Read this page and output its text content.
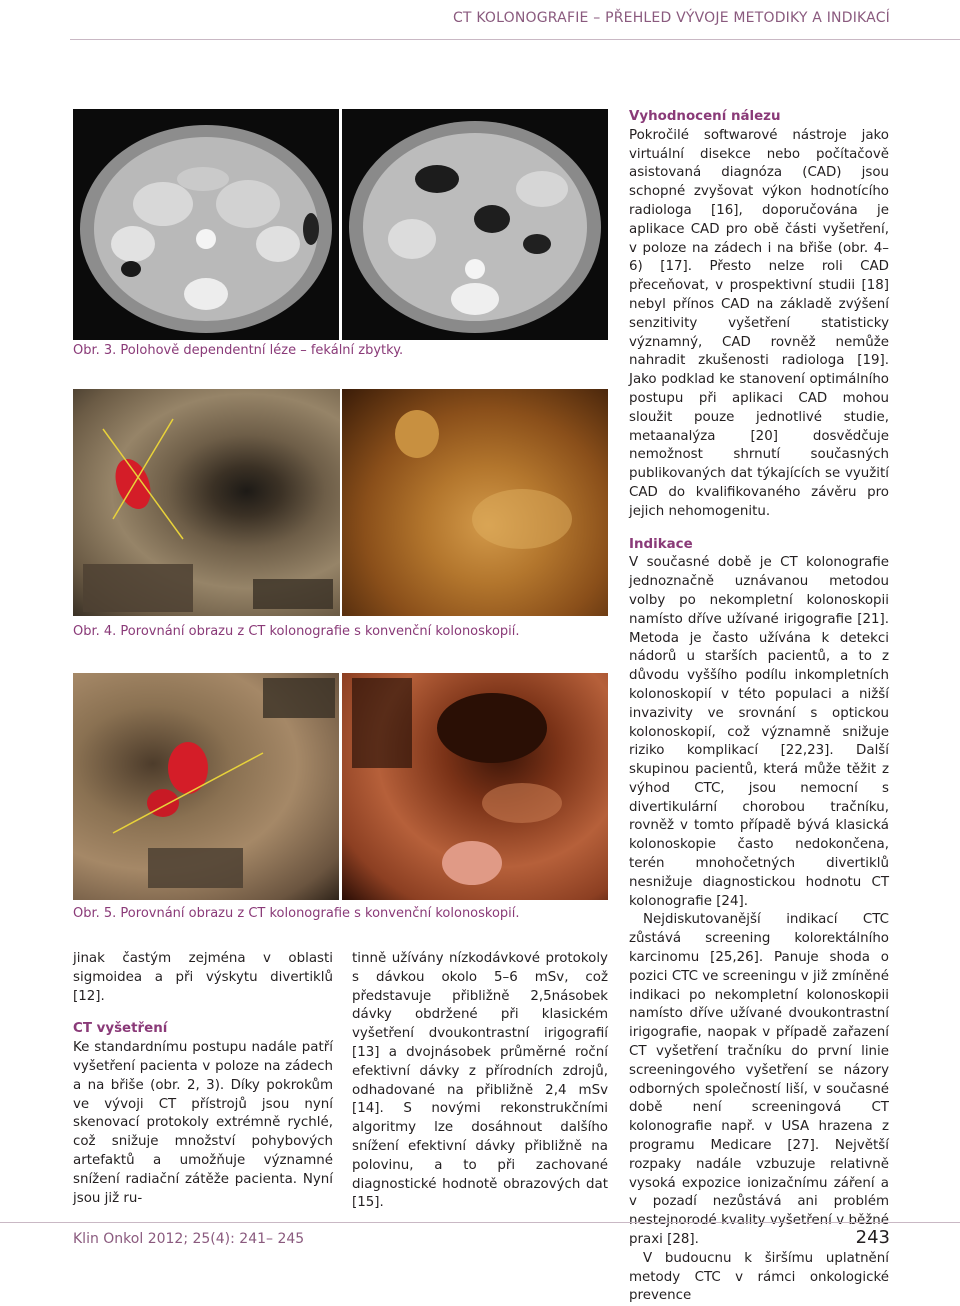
CT KOLONOGRAFIE – PŘEHLED VÝVOJE METODIKY A INDIKACÍ
Obr. 3. Polohově dependentní léze – fekální zbytky.
Obr. 4. Porovnání obrazu z CT kolonografie s konvenční kolonoskopií.
Obr. 5. Porovnání obrazu z CT kolonografie s konvenční kolonoskopií.

jinak častým zejména v oblasti sigmoidea a při výskytu divertiklů [12].

CT vyšetření

Ke standardnímu postupu nadále patří vyšetření pacienta v poloze na zádech a na břiše (obr. 2, 3). Díky pokrokům ve vývoji CT přístrojů jsou nyní skenovací protokoly extrémně rychlé, což snižuje množství pohybových artefaktů a umožňuje významné snížení radiační zátěže pacienta. Nyní jsou již ru-

tinně užívány nízkodávkové protokoly s dávkou okolo 5–6 mSv, což představuje přibližně 2,5násobek dávky obdržené při klasickém vyšetření dvoukontrastní irigografií [13] a dvojnásobek průměrné roční efektivní dávky z přírodních zdrojů, odhadované na přibližně 2,4 mSv [14]. S novými rekonstrukčními algoritmy lze dosáhnout dalšího snížení efektivní dávky přibližně na polovinu, a to při zachované diagnostické hodnotě obrazových dat [15].

Vyhodnocení nálezu

Pokročilé softwarové nástroje jako virtuální disekce nebo počítačově asistovaná diagnóza (CAD) jsou schopné zvyšovat výkon hodnotícího radiologa [16], doporučována je aplikace CAD pro obě části vyšetření, v poloze na zádech i na břiše (obr. 4–6) [17]. Přesto nelze roli CAD přeceňovat, v prospektivní studii [18] nebyl přínos CAD na základě zvýšení senzitivity vyšetření statisticky významný, CAD rovněž nemůže nahradit zkušenosti radiologa [19]. Jako podklad ke stanovení optimálního postupu při aplikaci CAD mohou sloužit pouze jednotlivé studie, metaanalýza [20] dosvědčuje nemožnost shrnutí současných publikovaných dat týkajících se využití CAD do kvalifikovaného závěru pro jejich nehomogenitu.

Indikace

V současné době je CT kolonografie jednoznačně uznávanou metodou volby po nekompletní kolonoskopii namísto dříve užívané irigografie [21]. Metoda je často užívána k detekci nádorů u starších pacientů, a to z důvodu vyššího podílu inkompletních kolonoskopií v této populaci a nižší invazivity ve srovnání s optickou kolonoskopií, což významně snižuje riziko komplikací [22,23]. Další skupinou pacientů, která může těžit z výhod CTC, jsou nemocní s divertikulární chorobou tračníku, rovněž v tomto případě bývá klasická kolonoskopie často nedokončena, terén mnohočetných divertiklů nesnižuje diagnostickou hodnotu CT kolonografie [24].

Nejdiskutovanější indikací CTC zůstává screening kolorektálního karcinomu [25,26]. Panuje shoda o pozici CTC ve screeningu v již zmíněné indikaci po nekompletní kolonoskopii namísto dříve užívané dvoukontrastní irigografie, naopak v případě zařazení CT vyšetření tračníku do první linie screeningového vyšetření se názory odborných společností liší, v současné době není screeningová CT kolonografie např. v USA hrazena z programu Medicare [27]. Největší rozpaky nadále vzbuzuje relativně vysoká expozice ionizačnímu záření a v pozadí nezůstává ani problém nestejnorodé kvality vyšetření v běžné praxi [28].

V budoucnu k širšímu uplatnění metody CTC v rámci onkologické prevence

Klin Onkol 2012; 25(4): 241– 245	243
